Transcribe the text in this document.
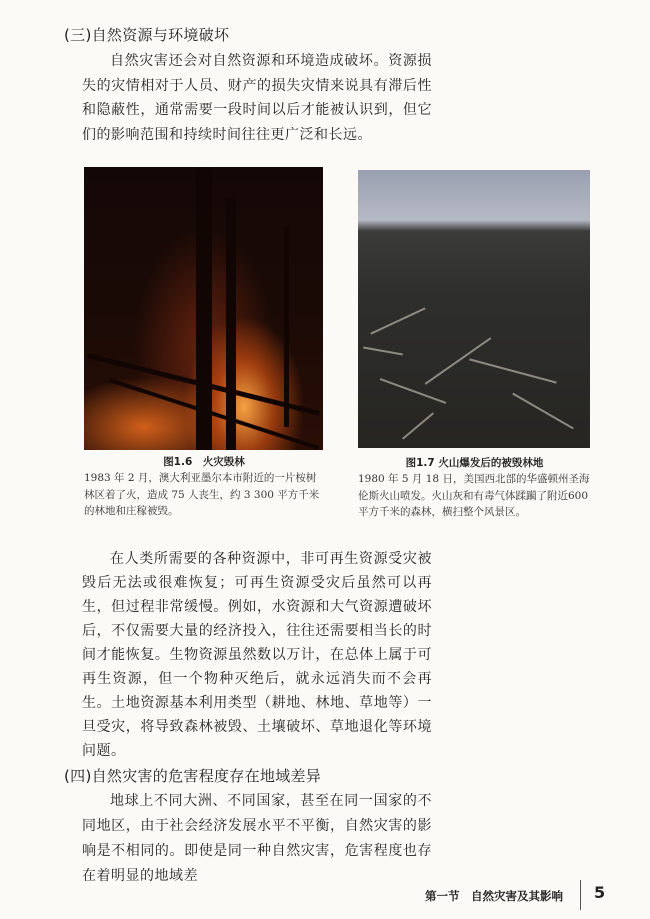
(三)自然资源与环境破坏
自然灾害还会对自然资源和环境造成破坏。资源损失的灾情相对于人员、财产的损失灾情来说具有滞后性和隐蔽性，通常需要一段时间以后才能被认识到，但它们的影响范围和持续时间往往更广泛和长远。
图1.6　火灾毁林
1983 年 2 月，澳大利亚墨尔本市附近的一片桉树林区着了火，造成 75 人丧生，约 3 300 平方千米的林地和庄稼被毁。
图1.7 火山爆发后的被毁林地
1980 年 5 月 18 日，美国西北部的华盛顿州圣海伦斯火山喷发。火山灰和有毒气体蹂躏了附近600 平方千米的森林，横扫整个风景区。
在人类所需要的各种资源中，非可再生资源受灾被毁后无法或很难恢复；可再生资源受灾后虽然可以再生，但过程非常缓慢。例如，水资源和大气资源遭破坏后，不仅需要大量的经济投入，往往还需要相当长的时间才能恢复。生物资源虽然数以万计，在总体上属于可再生资源，但一个物种灭绝后，就永远消失而不会再生。土地资源基本利用类型（耕地、林地、草地等）一旦受灾，将导致森林被毁、土壤破坏、草地退化等环境问题。
(四)自然灾害的危害程度存在地域差异
地球上不同大洲、不同国家，甚至在同一国家的不同地区，由于社会经济发展水平不平衡，自然灾害的影响是不相同的。即使是同一种自然灾害，危害程度也存在着明显的地域差
第一节　自然灾害及其影响 5
